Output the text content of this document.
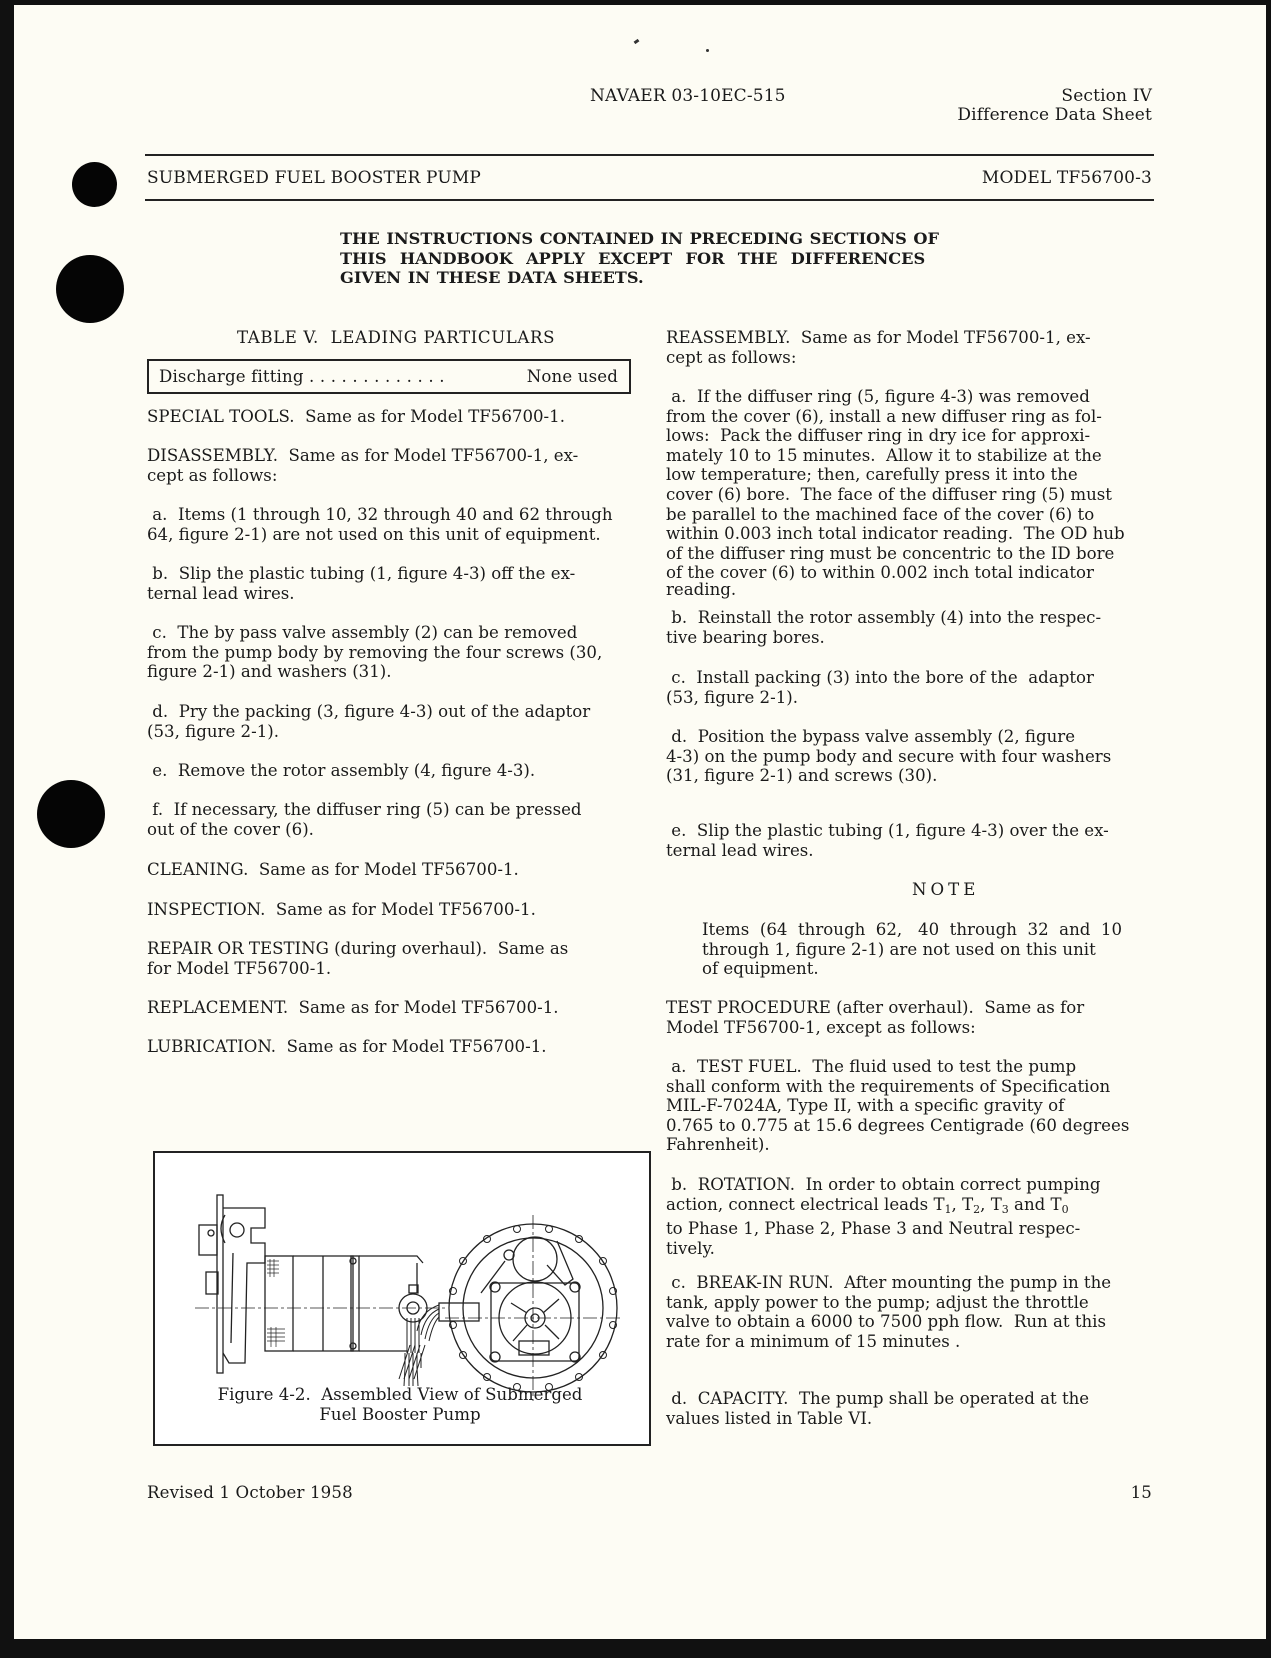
NAVAER 03-10EC-515	Section IV
Difference Data Sheet
SUBMERGED FUEL BOOSTER PUMP	MODEL TF56700-3
THE INSTRUCTIONS CONTAINED IN PRECEDING SECTIONS OF
THIS  HANDBOOK  APPLY  EXCEPT  FOR  THE  DIFFERENCES
GIVEN IN THESE DATA SHEETS.
TABLE V.  LEADING PARTICULARS
Discharge fitting . . . . . . . . . . . . .	None used
SPECIAL TOOLS.  Same as for Model TF56700-1.
DISASSEMBLY.  Same as for Model TF56700-1, ex-
cept as follows:
a.  Items (1 through 10, 32 through 40 and 62 through
64, figure 2-1) are not used on this unit of equipment.
b.  Slip the plastic tubing (1, figure 4-3) off the ex-
ternal lead wires.
c.  The by pass valve assembly (2) can be removed
from the pump body by removing the four screws (30,
figure 2-1) and washers (31).
d.  Pry the packing (3, figure 4-3) out of the adaptor
(53, figure 2-1).
e.  Remove the rotor assembly (4, figure 4-3).
f.  If necessary, the diffuser ring (5) can be pressed
out of the cover (6).
CLEANING.  Same as for Model TF56700-1.
INSPECTION.  Same as for Model TF56700-1.
REPAIR OR TESTING (during overhaul).  Same as
for Model TF56700-1.
REPLACEMENT.  Same as for Model TF56700-1.
LUBRICATION.  Same as for Model TF56700-1.
Figure 4-2.  Assembled View of Submerged
Fuel Booster Pump
REASSEMBLY.  Same as for Model TF56700-1, ex-
cept as follows:
a.  If the diffuser ring (5, figure 4-3) was removed
from the cover (6), install a new diffuser ring as fol-
lows:  Pack the diffuser ring in dry ice for approxi-
mately 10 to 15 minutes.  Allow it to stabilize at the
low temperature; then, carefully press it into the
cover (6) bore.  The face of the diffuser ring (5) must
be parallel to the machined face of the cover (6) to
within 0.003 inch total indicator reading.  The OD hub
of the diffuser ring must be concentric to the ID bore
of the cover (6) to within 0.002 inch total indicator
reading.
b.  Reinstall the rotor assembly (4) into the respec-
tive bearing bores.
c.  Install packing (3) into the bore of the  adaptor
(53, figure 2-1).
d.  Position the bypass valve assembly (2, figure
4-3) on the pump body and secure with four washers
(31, figure 2-1) and screws (30).
e.  Slip the plastic tubing (1, figure 4-3) over the ex-
ternal lead wires.
NOTE
Items  (64  through  62,   40  through  32  and  10
through 1, figure 2-1) are not used on this unit
of equipment.
TEST PROCEDURE (after overhaul).  Same as for
Model TF56700-1, except as follows:
a.  TEST FUEL.  The fluid used to test the pump
shall conform with the requirements of Specification
MIL-F-7024A, Type II, with a specific gravity of
0.765 to 0.775 at 15.6 degrees Centigrade (60 degrees
Fahrenheit).
b.  ROTATION.  In order to obtain correct pumping
action, connect electrical leads $T_1$, $T_2$, $T_3$ and $T_0$
to Phase 1, Phase 2, Phase 3 and Neutral respec-
tively.
c.  BREAK-IN RUN.  After mounting the pump in the
tank, apply power to the pump; adjust the throttle
valve to obtain a 6000 to 7500 pph flow.  Run at this
rate for a minimum of 15 minutes .
d.  CAPACITY.  The pump shall be operated at the
values listed in Table VI.
Revised 1 October 1958	15
